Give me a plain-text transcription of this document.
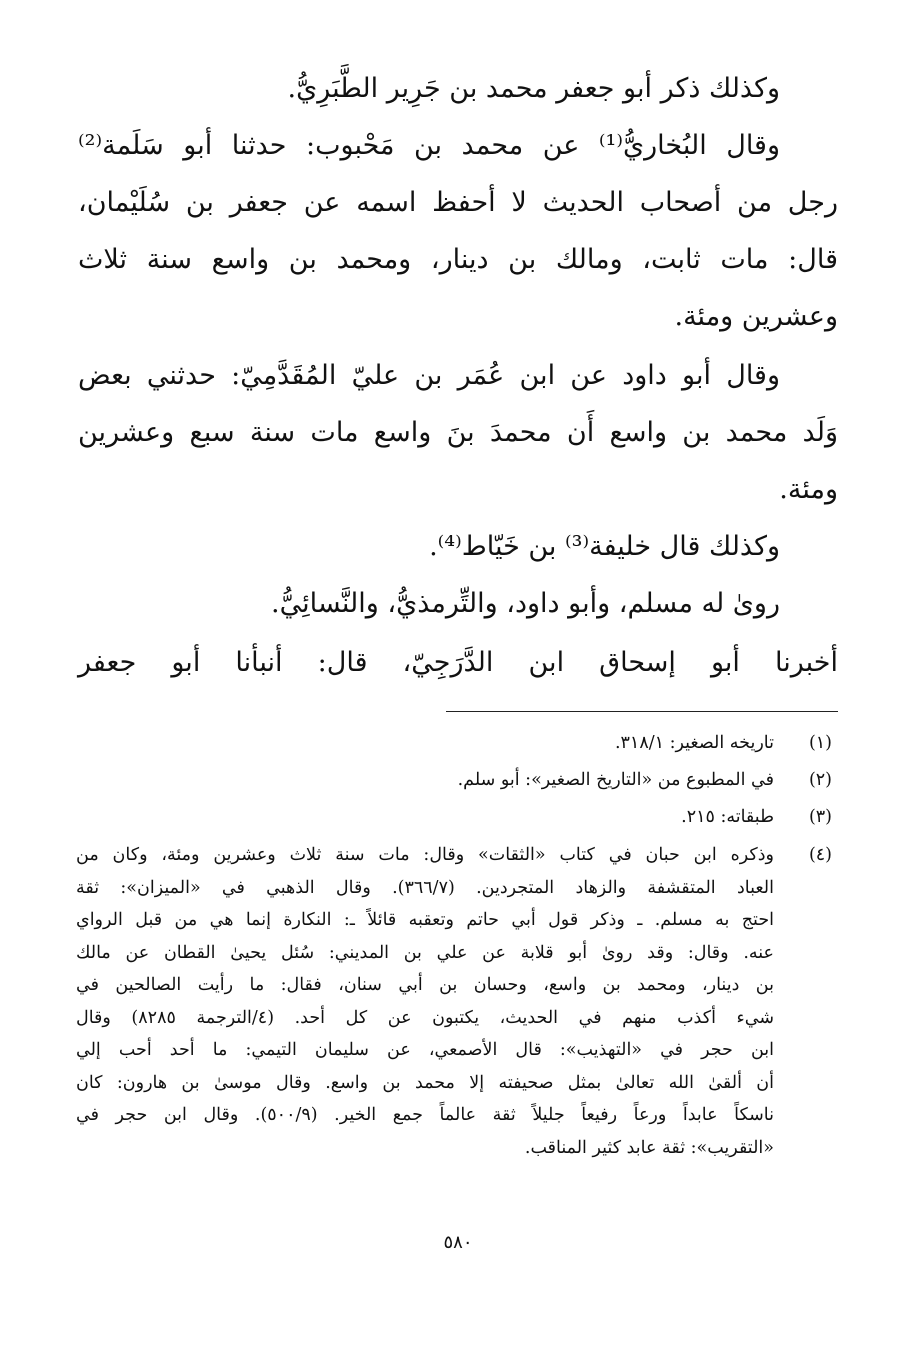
وكذلك ذكر أبو جعفر محمد بن جَرِير الطَّبَرِيُّ.

وقال البُخاريُّ⁽¹⁾ عن محمد بن مَحْبوب: حدثنا أبو سَلَمة⁽²⁾

رجل من أصحاب الحديث لا أحفظ اسمه عن جعفر بن سُلَيْمان،

قال: مات ثابت، ومالك بن دينار، ومحمد بن واسع سنة ثلاث

وعشرين ومئة.

وقال أبو داود عن ابن عُمَر بن عليّ المُقَدَّمِيّ: حدثني بعض

وَلَد محمد بن واسع أَن محمدَ بنَ واسع مات سنة سبع وعشرين

ومئة.

وكذلك قال خليفة⁽³⁾ بن خَيّاط⁽⁴⁾.

روىٰ له مسلم، وأبو داود، والتِّرمذيُّ، والنَّسائِيُّ.

أخبرنا أبو إسحاق ابن الدَّرَجِيّ، قال: أنبأنا أبو جعفر

(١)
تاريخه الصغير: ٣١٨/١.
(٢)
في المطبوع من «التاريخ الصغير»: أبو سلم.
(٣)
طبقاته: ٢١٥.
(٤)
وذكره ابن حبان في كتاب «الثقات» وقال: مات سنة ثلاث وعشرين ومئة، وكان من
العباد المتقشفة والزهاد المتجردين. (٣٦٦/٧). وقال الذهبي في «الميزان»: ثقة
احتج به مسلم. ـ وذكر قول أبي حاتم وتعقبه قائلاً ـ: النكارة إنما هي من قبل الرواي
عنه. وقال: وقد روىٰ أبو قلابة عن علي بن المديني: سُئل يحيىٰ القطان عن مالك
بن دينار، ومحمد بن واسع، وحسان بن أبي سنان، فقال: ما رأيت الصالحين في
شيء أكذب منهم في الحديث، يكتبون عن كل أحد. (٤/الترجمة ٨٢٨٥) وقال
ابن حجر في «التهذيب»: قال الأصمعي، عن سليمان التيمي: ما أحد أحب إلي
أن ألقىٰ الله تعالىٰ بمثل صحيفته إلا محمد بن واسع. وقال موسىٰ بن هارون: كان
ناسكاً عابداً ورعاً رفيعاً جليلاً ثقة عالماً جمع الخير. (٥٠٠/٩). وقال ابن حجر في
«التقريب»: ثقة عابد كثير المناقب.
٥٨٠
